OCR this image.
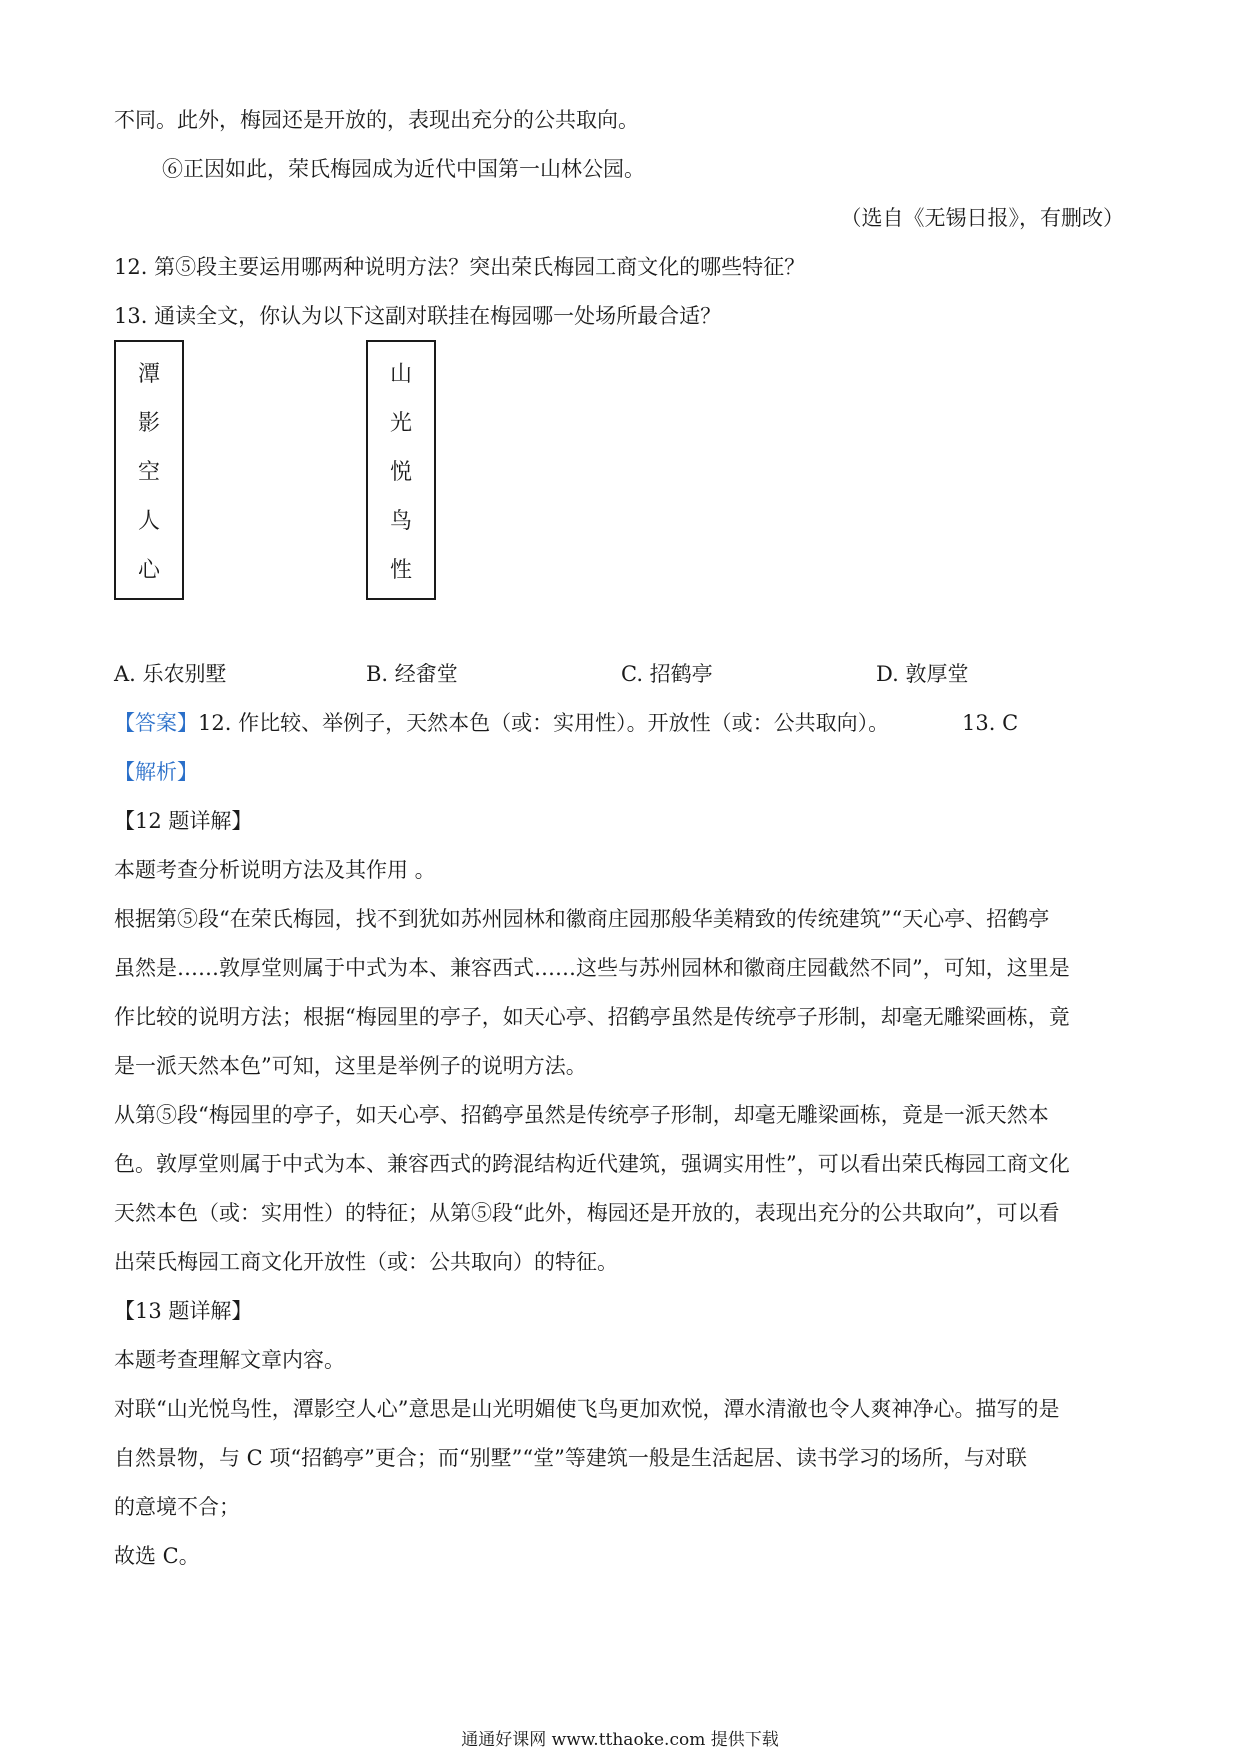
不同。此外，梅园还是开放的，表现出充分的公共取向。
⑥正因如此，荣氏梅园成为近代中国第一山林公园。
（选自《无锡日报》，有删改）
12. 第⑤段主要运用哪两种说明方法？突出荣氏梅园工商文化的哪些特征？
13. 通读全文，你认为以下这副对联挂在梅园哪一处场所最合适？
潭
影
空
人
心
山
光
悦
鸟
性
A. 乐农别墅	B. 经畬堂	C. 招鹤亭	D. 敦厚堂
【答案】12. 作比较、举例子，天然本色（或：实用性）。开放性（或：公共取向）。	13. C
【解析】
【12 题详解】
本题考查分析说明方法及其作用 。
根据第⑤段“在荣氏梅园，找不到犹如苏州园林和徽商庄园那般华美精致的传统建筑”“天心亭、招鹤亭
虽然是……敦厚堂则属于中式为本、兼容西式……这些与苏州园林和徽商庄园截然不同”，可知，这里是
作比较的说明方法；根据“梅园里的亭子，如天心亭、招鹤亭虽然是传统亭子形制，却毫无雕梁画栋，竟
是一派天然本色”可知，这里是举例子的说明方法。
从第⑤段“梅园里的亭子，如天心亭、招鹤亭虽然是传统亭子形制，却毫无雕梁画栋，竟是一派天然本
色。敦厚堂则属于中式为本、兼容西式的跨混结构近代建筑，强调实用性”，可以看出荣氏梅园工商文化
天然本色（或：实用性）的特征；从第⑤段“此外，梅园还是开放的，表现出充分的公共取向”，可以看
出荣氏梅园工商文化开放性（或：公共取向）的特征。
【13 题详解】
本题考查理解文章内容。
对联“山光悦鸟性，潭影空人心”意思是山光明媚使飞鸟更加欢悦，潭水清澈也令人爽神净心。描写的是
自然景物，与 C 项“招鹤亭”更合；而“别墅”“堂”等建筑一般是生活起居、读书学习的场所，与对联
的意境不合；
故选 C。
通通好课网 www.tthaoke.com 提供下载
